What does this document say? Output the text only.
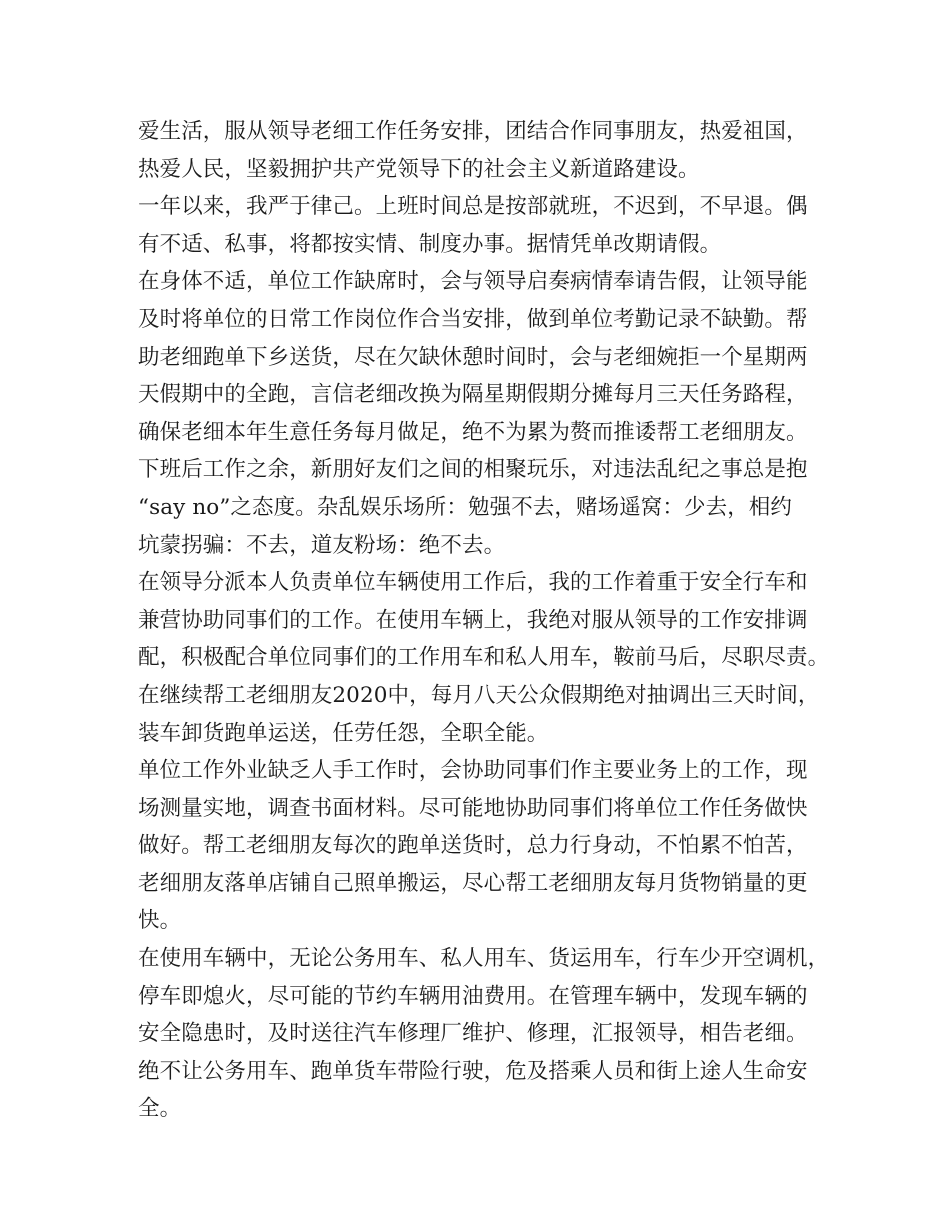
爱生活，服从领导老细工作任务安排，团结合作同事朋友，热爱祖国，
热爱人民，坚毅拥护共产党领导下的社会主义新道路建设。
一年以来，我严于律己。上班时间总是按部就班，不迟到，不早退。偶
有不适、私事，将都按实情、制度办事。据情凭单改期请假。
在身体不适，单位工作缺席时，会与领导启奏病情奉请告假，让领导能
及时将单位的日常工作岗位作合当安排，做到单位考勤记录不缺勤。帮
助老细跑单下乡送货，尽在欠缺休憩时间时，会与老细婉拒一个星期两
天假期中的全跑，言信老细改换为隔星期假期分摊每月三天任务路程，
确保老细本年生意任务每月做足，绝不为累为赘而推诿帮工老细朋友。
下班后工作之余，新朋好友们之间的相聚玩乐，对违法乱纪之事总是抱
“say no”之态度。杂乱娱乐场所：勉强不去，赌场遥窝：少去，相约
坑蒙拐骗：不去，道友粉场：绝不去。
在领导分派本人负责单位车辆使用工作后，我的工作着重于安全行车和
兼营协助同事们的工作。在使用车辆上，我绝对服从领导的工作安排调
配，积极配合单位同事们的工作用车和私人用车，鞍前马后，尽职尽责。
在继续帮工老细朋友2020中，每月八天公众假期绝对抽调出三天时间，
装车卸货跑单运送，任劳任怨，全职全能。
单位工作外业缺乏人手工作时，会协助同事们作主要业务上的工作，现
场测量实地，调查书面材料。尽可能地协助同事们将单位工作任务做快
做好。帮工老细朋友每次的跑单送货时，总力行身动，不怕累不怕苦，
老细朋友落单店铺自己照单搬运，尽心帮工老细朋友每月货物销量的更
快。
在使用车辆中，无论公务用车、私人用车、货运用车，行车少开空调机，
停车即熄火，尽可能的节约车辆用油费用。在管理车辆中，发现车辆的
安全隐患时，及时送往汽车修理厂维护、修理，汇报领导，相告老细。
绝不让公务用车、跑单货车带险行驶，危及搭乘人员和街上途人生命安
全。
